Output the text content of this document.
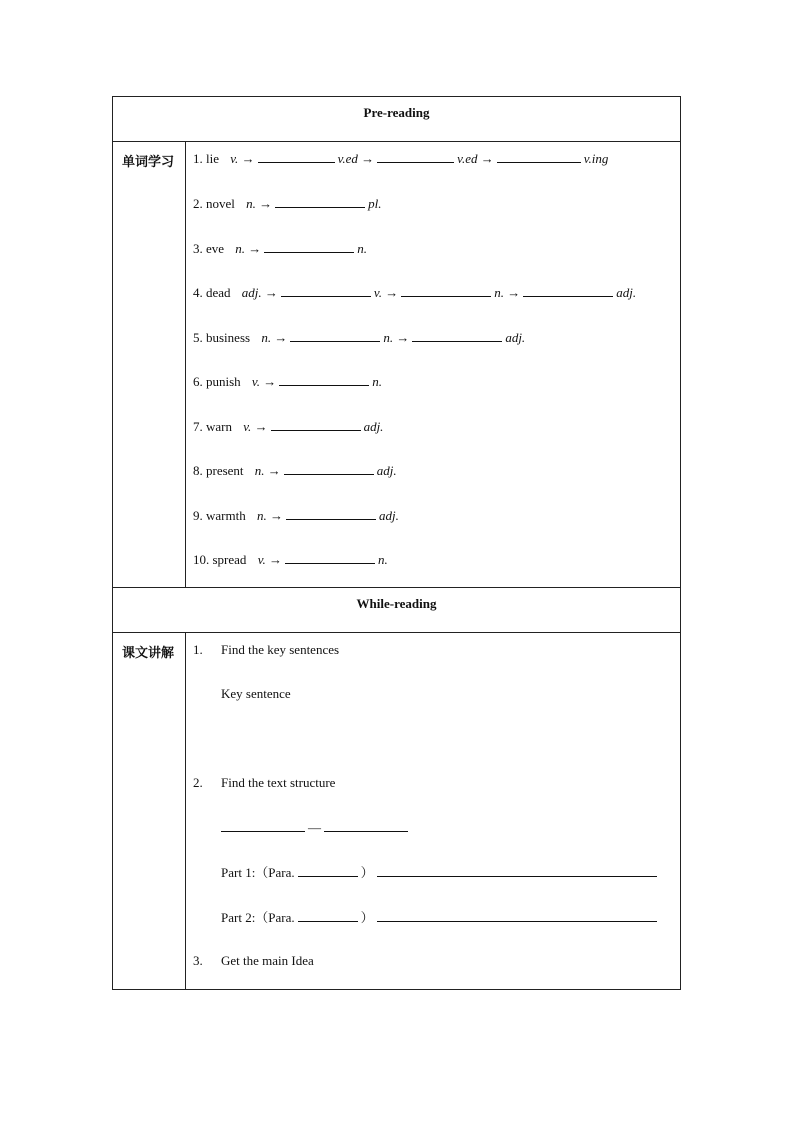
Pre-reading
单词学习 1. lie v. →	v.ed →	v.ed →	v.ing
2. novel n. →	pl.
3. eve n. →	n.
4. dead adj. →	v. →	n. →	adj.
5. business n. →	n. →	adj.
6. punish v. →	n.
7. warn v. →	adj.
8. present n. →	adj.
9. warmth n. →	adj.
10. spread v. →	n.
While-reading
课文讲解 1. Find the key sentences
Key sentence
2. Find the text structure
—
Part 1:（Para.	）
Part 2:（Para.	）
3. Get the main Idea
